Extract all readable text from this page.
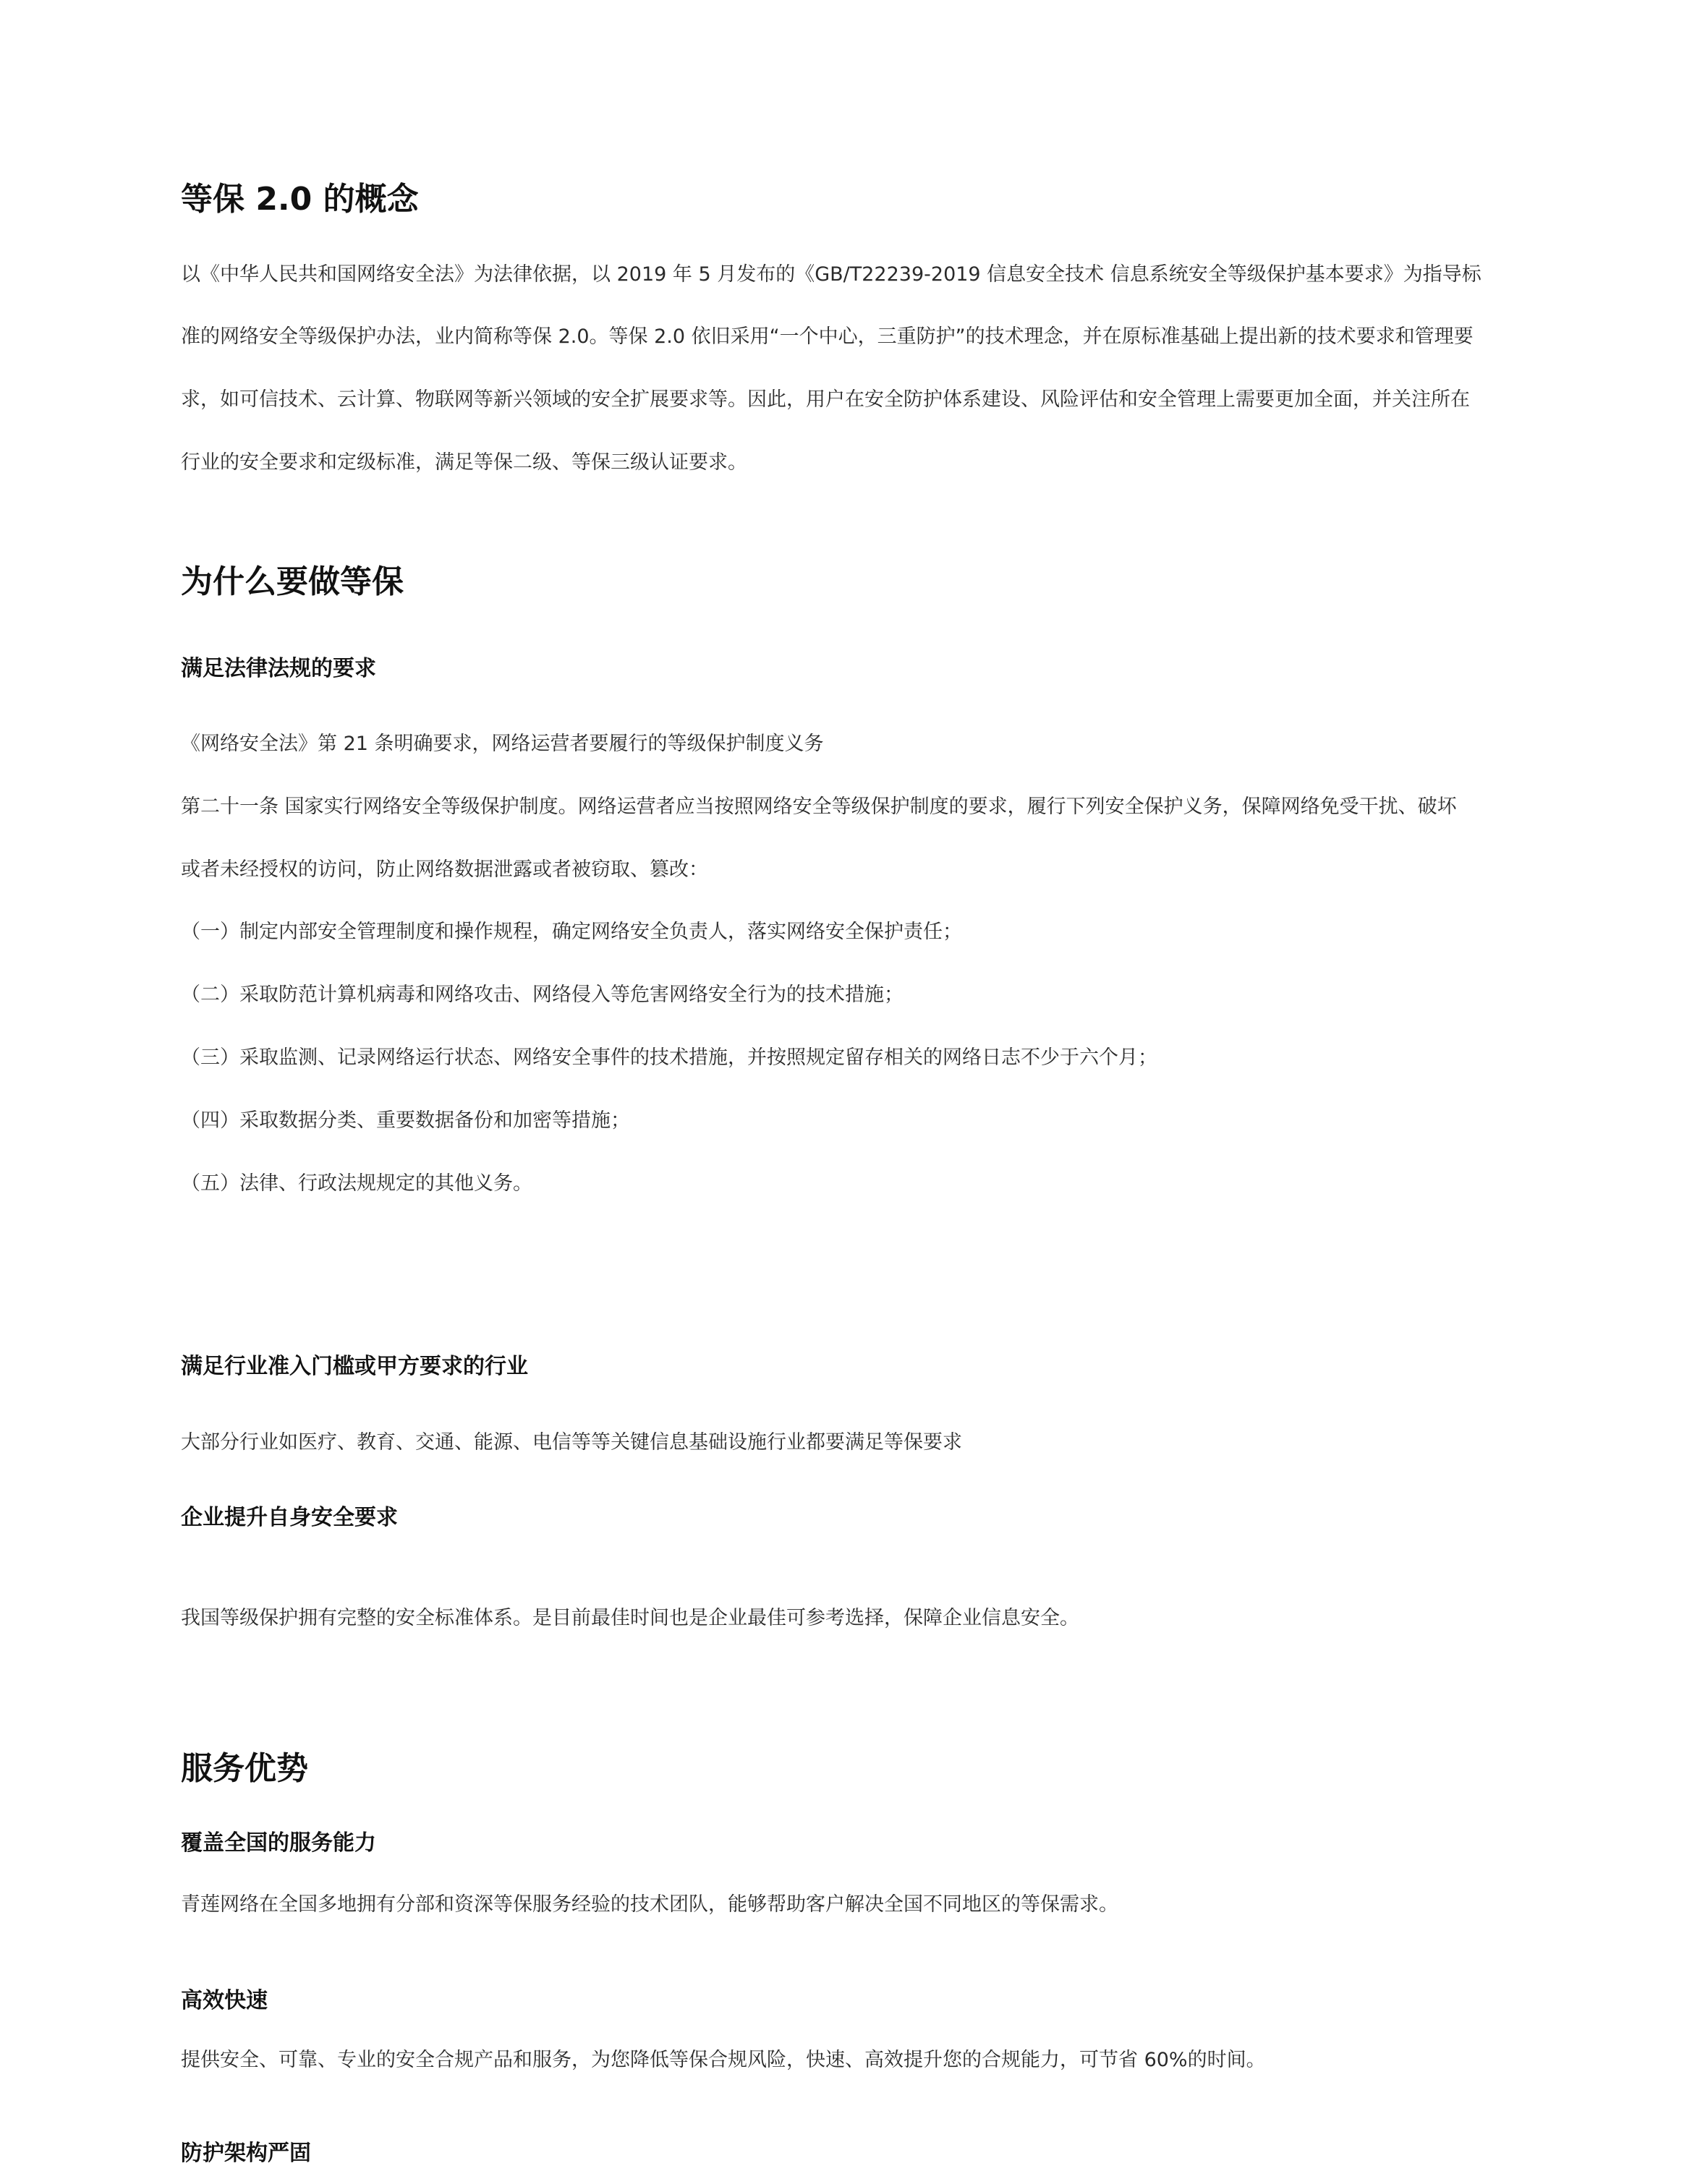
等保 2.0 的概念

以《中华人民共和国网络安全法》为法律依据，以 2019 年 5 月发布的《GB/T22239-2019 信息安全技术 信息系统安全等级保护基本要求》为指导标

准的网络安全等级保护办法，业内简称等保 2.0。等保 2.0 依旧采用“一个中心，三重防护”的技术理念，并在原标准基础上提出新的技术要求和管理要

求，如可信技术、云计算、物联网等新兴领域的安全扩展要求等。因此，用户在安全防护体系建设、风险评估和安全管理上需要更加全面，并关注所在

行业的安全要求和定级标准，满足等保二级、等保三级认证要求。

为什么要做等保
满足法律法规的要求

《网络安全法》第 21 条明确要求，网络运营者要履行的等级保护制度义务

第二十一条 国家实行网络安全等级保护制度。网络运营者应当按照网络安全等级保护制度的要求，履行下列安全保护义务，保障网络免受干扰、破坏

或者未经授权的访问，防止网络数据泄露或者被窃取、篡改：

（一）制定内部安全管理制度和操作规程，确定网络安全负责人，落实网络安全保护责任；

（二）采取防范计算机病毒和网络攻击、网络侵入等危害网络安全行为的技术措施；

（三）采取监测、记录网络运行状态、网络安全事件的技术措施，并按照规定留存相关的网络日志不少于六个月；

（四）采取数据分类、重要数据备份和加密等措施；

（五）法律、行政法规规定的其他义务。

满足行业准入门槛或甲方要求的行业

大部分行业如医疗、教育、交通、能源、电信等等关键信息基础设施行业都要满足等保要求

企业提升自身安全要求

我国等级保护拥有完整的安全标准体系。是目前最佳时间也是企业最佳可参考选择，保障企业信息安全。

服务优势
覆盖全国的服务能力

青莲网络在全国多地拥有分部和资深等保服务经验的技术团队，能够帮助客户解决全国不同地区的等保需求。

高效快速

提供安全、可靠、专业的安全合规产品和服务，为您降低等保合规风险，快速、高效提升您的合规能力，可节省 60%的时间。

防护架构严固
